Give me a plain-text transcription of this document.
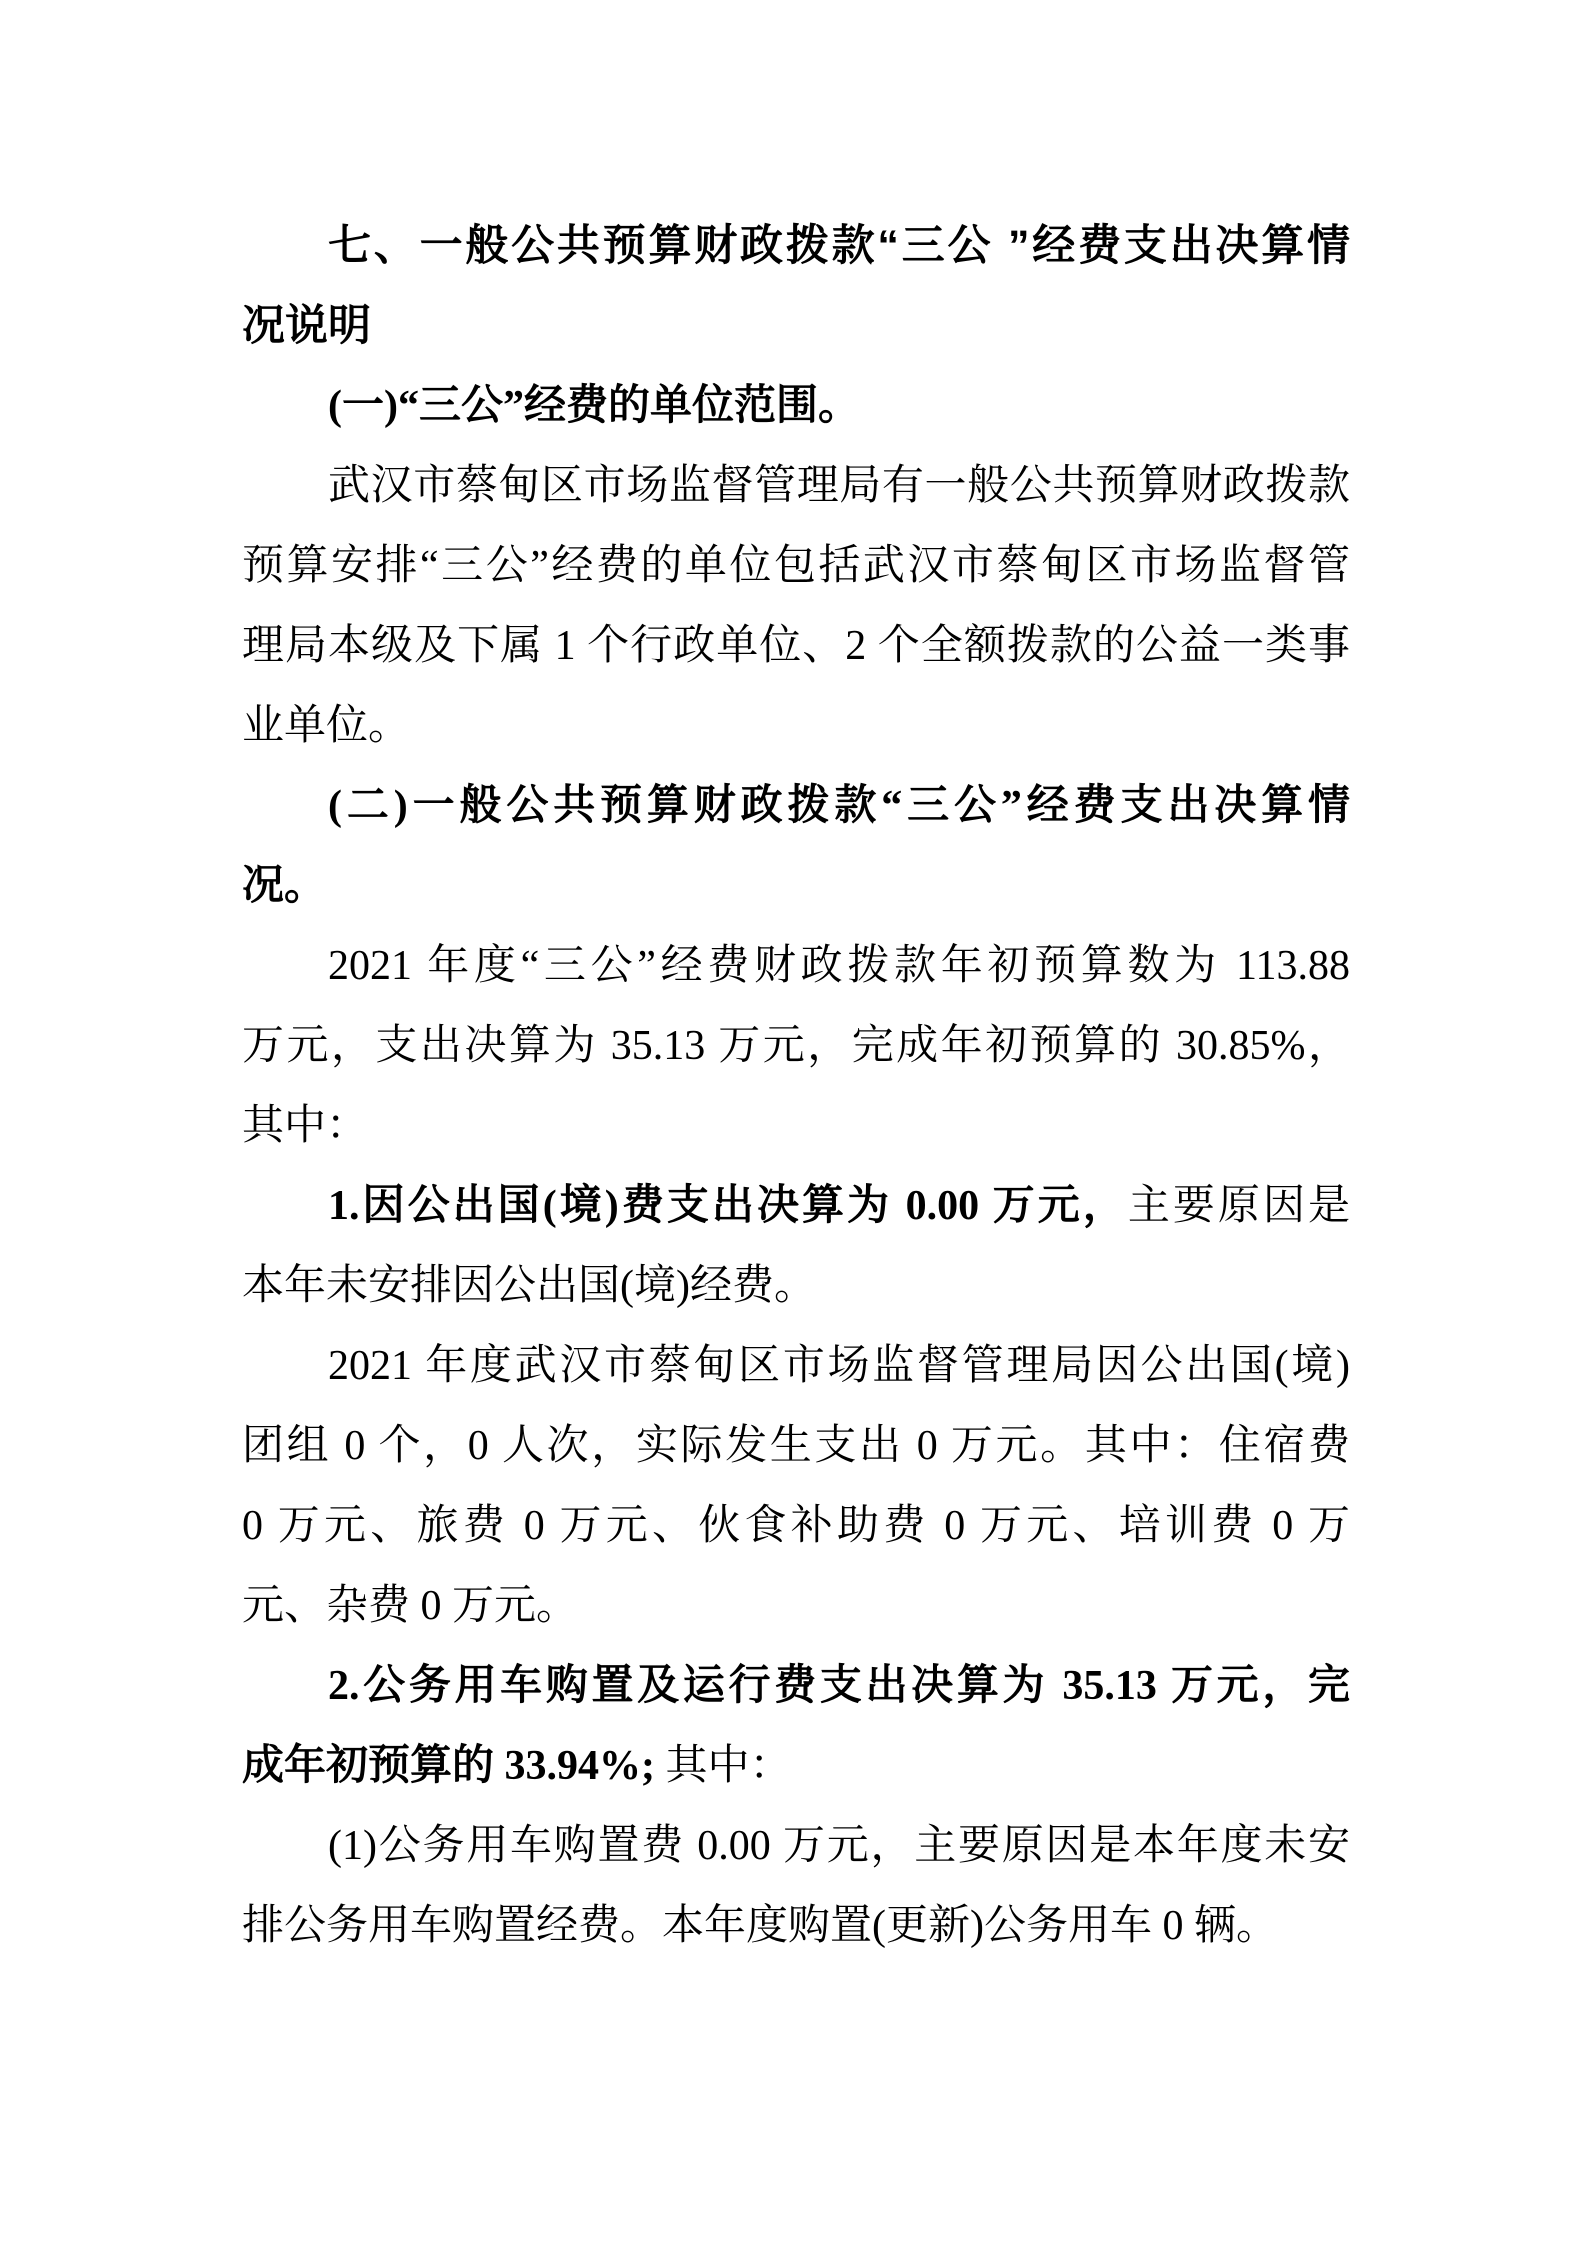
七、一般公共预算财政拨款“三公 ”经费支出决算情
况说明
(一)“三公”经费的单位范围。
武汉市蔡甸区市场监督管理局有一般公共预算财政拨款
预算安排“三公”经费的单位包括武汉市蔡甸区市场监督管
理局本级及下属 1 个行政单位、2 个全额拨款的公益一类事
业单位。
(二)一般公共预算财政拨款“三公”经费支出决算情
况。
2021 年度“三公”经费财政拨款年初预算数为 113.88
万元，支出决算为 35.13 万元，完成年初预算的 30.85%，
其中：
1.因公出国(境)费支出决算为 0.00 万元，主要原因是
本年未安排因公出国(境)经费。
2021 年度武汉市蔡甸区市场监督管理局因公出国(境)
团组 0 个，0 人次，实际发生支出 0 万元。其中：住宿费
0 万元、旅费 0 万元、伙食补助费 0 万元、培训费 0 万
元、杂费 0 万元。
2.公务用车购置及运行费支出决算为 35.13 万元，完
成年初预算的 33.94%; 其中：
(1)公务用车购置费 0.00 万元，主要原因是本年度未安
排公务用车购置经费。本年度购置(更新)公务用车 0 辆。
